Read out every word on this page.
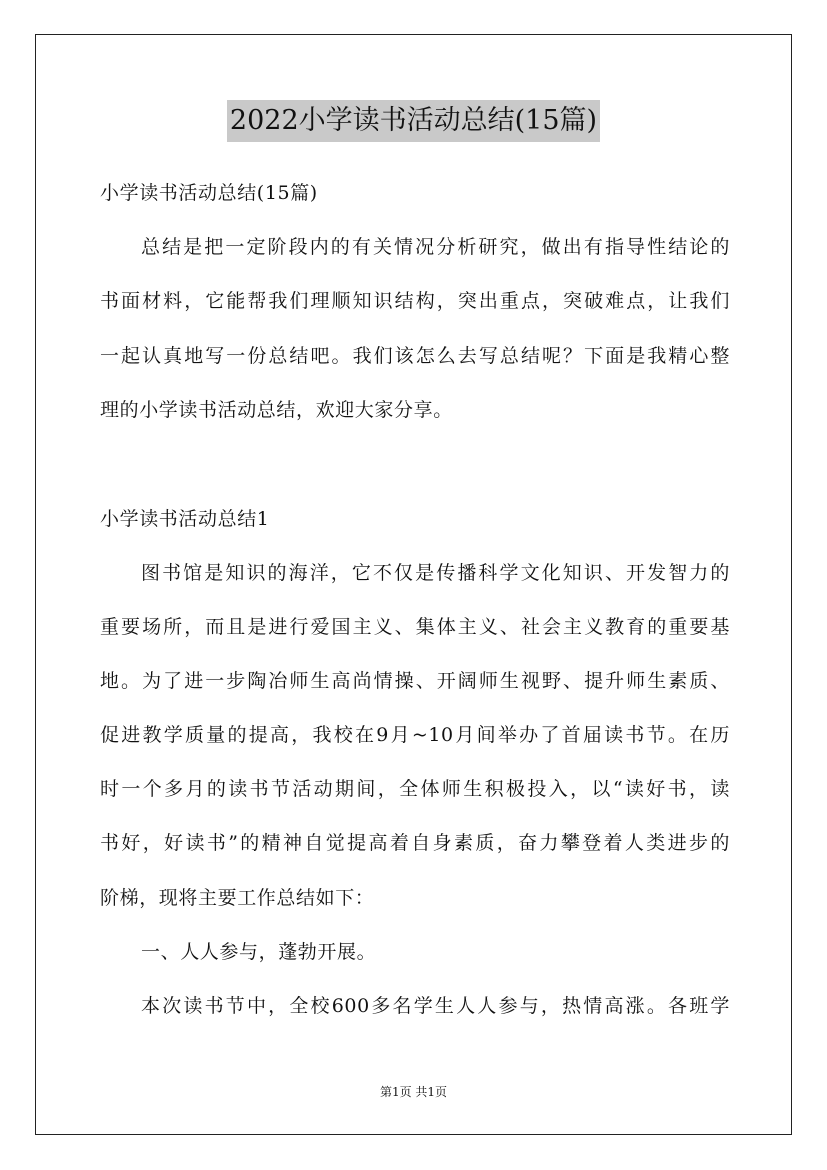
2022小学读书活动总结(15篇)
小学读书活动总结(15篇)
总结是把一定阶段内的有关情况分析研究，做出有指导性结论的
书面材料，它能帮我们理顺知识结构，突出重点，突破难点，让我们
一起认真地写一份总结吧。我们该怎么去写总结呢？下面是我精心整
理的小学读书活动总结，欢迎大家分享。
小学读书活动总结1
图书馆是知识的海洋，它不仅是传播科学文化知识、开发智力的
重要场所，而且是进行爱国主义、集体主义、社会主义教育的重要基
地。为了进一步陶冶师生高尚情操、开阔师生视野、提升师生素质、
促进教学质量的提高，我校在9月~10月间举办了首届读书节。在历
时一个多月的读书节活动期间，全体师生积极投入，以“读好书，读
书好，好读书”的精神自觉提高着自身素质，奋力攀登着人类进步的
阶梯，现将主要工作总结如下：
一、人人参与，蓬勃开展。
本次读书节中，全校600多名学生人人参与，热情高涨。各班学
第1页 共1页
